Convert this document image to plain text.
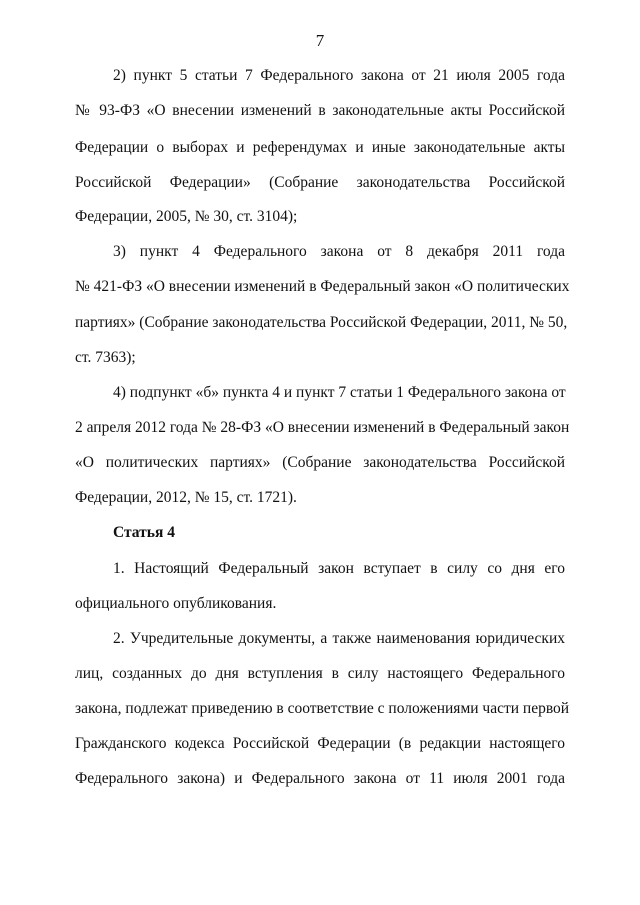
7
2) пункт 5 статьи 7 Федерального закона от 21 июля 2005 года
№ 93-ФЗ «О внесении изменений в законодательные акты Российской
Федерации о выборах и референдумах и иные законодательные акты
Российской Федерации» (Собрание законодательства Российской
Федерации, 2005, № 30, ст. 3104);
3) пункт 4 Федерального закона от 8 декабря 2011 года
№ 421-ФЗ «О внесении изменений в Федеральный закон «О политических
партиях» (Собрание законодательства Российской Федерации, 2011, № 50,
ст. 7363);
4) подпункт «б» пункта 4 и пункт 7 статьи 1 Федерального закона от
2 апреля 2012 года № 28-ФЗ «О внесении изменений в Федеральный закон
«О политических партиях» (Собрание законодательства Российской
Федерации, 2012, № 15, ст. 1721).
Статья 4
1. Настоящий Федеральный закон вступает в силу со дня его
официального опубликования.
2. Учредительные документы, а также наименования юридических
лиц, созданных до дня вступления в силу настоящего Федерального
закона, подлежат приведению в соответствие с положениями части первой
Гражданского кодекса Российской Федерации (в редакции настоящего
Федерального закона) и Федерального закона от 11 июля 2001 года
